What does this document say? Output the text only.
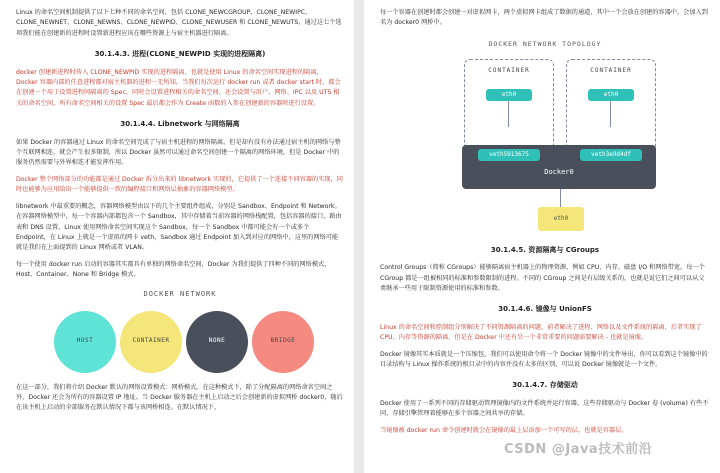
Linux 的命名空间机制提供了以下七种不同的命名空间，包括 CLONE_NEWCGROUP、CLONE_NEWIPC、CLONE_NEWNET、CLONE_NEWNS、CLONE_NEWPID、CLONE_NEWUSER 和 CLONE_NEWUTS，通过这七个选项我们能在创建新的进程时设置新进程应该在哪些资源上与宿主机器进行隔离。

30.1.4.3. 进程(CLONE_NEWPID 实现的进程隔离)

docker 创建新进程时传入 CLONE_NEWPID 实现的进程隔离，也就是使用 Linux 的命名空间实现进程的隔离，Docker 容器内部的任意进程都对宿主机器的进程一无所知。当我们每次运行 docker run 或者 docker start 时，都会在创建一个用于设置进程间隔离的 Spec，同时会设置进程相关的命名空间，还会设置与用户、网络、IPC 以及 UTS 相关的命名空间，所有命名空间相关的设置 Spec 最后都会作为 Create 函数的入参在创建新的容器时进行设置。

30.1.4.4. Libnetwork 与网络隔离

如果 Docker 的容器通过 Linux 的命名空间完成了与宿主机进程的网络隔离，但是却有没有办法通过宿主机的网络与整个互联网相连，就会产生很多限制，所以 Docker 虽然可以通过命名空间创建一个隔离的网络环境，但是 Docker 中的服务仍然需要与外界相连才能发挥作用。

Docker 整个网络部分的功能都是通过 Docker 拆分出来的 libnetwork 实现的，它提供了一个连接不同容器的实现，同时也能够为应用给出一个能够提供一致的编程接口和网络层抽象的容器网络模型。

libnetwork 中最重要的概念，容器网络模型由以下的几个主要组件组成，分别是 Sandbox、Endpoint 和 Network。在容器网络模型中，每一个容器内部都包含一个 Sandbox，其中存储着当前容器的网络栈配置，包括容器的接口、路由表和 DNS 设置，Linux 使用网络命名空间实现这个 Sandbox，每一个 Sandbox 中都可能会有一个或多个 Endpoint，在 Linux 上就是一个虚拟的网卡 veth，Sandbox 通过 Endpoint 加入到对应的网络中，这里的网络可能就是我们在上面提到的 Linux 网桥或者 VLAN。

每一个使用 docker run 启动的容器其实都具有单独的网络命名空间，Docker 为我们提供了四种不同的网络模式，Host、Container、None 和 Bridge 模式。

DOCKER NETWORK
HOST	CONTAINER	NONE	BRIDGE

在这一部分，我们将介绍 Docker 默认的网络设置模式：网桥模式。在这种模式下，除了分配隔离的网络命名空间之外，Docker 还会为所有的容器设置 IP 地址。当 Docker 服务器在主机上启动之后会创建新的虚拟网桥 docker0，随后在该主机上启动的全部服务在默认情况下都与该网桥相连。在默认情况下，

每一个容器在创建时都会创建一对虚拟网卡，两个虚拟网卡组成了数据的通道，其中一个会放在创建的容器中，会加入到名为 docker0 网桥中。

DOCKER NETWORK TOPOLOGY
CONTAINER	CONTAINER
eth0	eth0
Docker0
veth5913675	veth3e9d4df
eth0
30.1.4.5. 资源隔离与 CGroups

Control Groups（简称 CGroups）能够隔离宿主机器上的物理资源，例如 CPU、内存、磁盘 I/O 和网络带宽。每一个 CGroup 都是一组被相同的标准和参数限制的进程。不同的 CGroup 之间是有层级关系的，也就是说它们之间可以从父类继承一些用于限制资源使用的标准和参数。

30.1.4.6. 镜像与 UnionFS

Linux 的命名空间和控制组分别解决了不同资源隔离的问题，前者解决了进程、网络以及文件系统的隔离，后者实现了 CPU、内存等资源的隔离，但是在 Docker 中还有另一个非常重要的问题需要解决 - 也就是镜像。

Docker 镜像其实本质就是一个压缩包，我们可以使用命令将一个 Docker 镜像中的文件导出，你可以看到这个镜像中的目录结构与 Linux 操作系统的根目录中的内容并没有太多的区别，可以说 Docker 镜像就是一个文件。

30.1.4.7. 存储驱动

Docker 使用了一系列不同的存储驱动管理镜像内的文件系统并运行容器，这些存储驱动与 Docker 卷 (volume) 有些不同，存储引擎管理着能够在多个容器之间共享的存储。

当镜像被 docker run 命令创建时就会在镜像的最上层添加一个可写的层，也就是容器层。

CSDN @Java技术前沿
